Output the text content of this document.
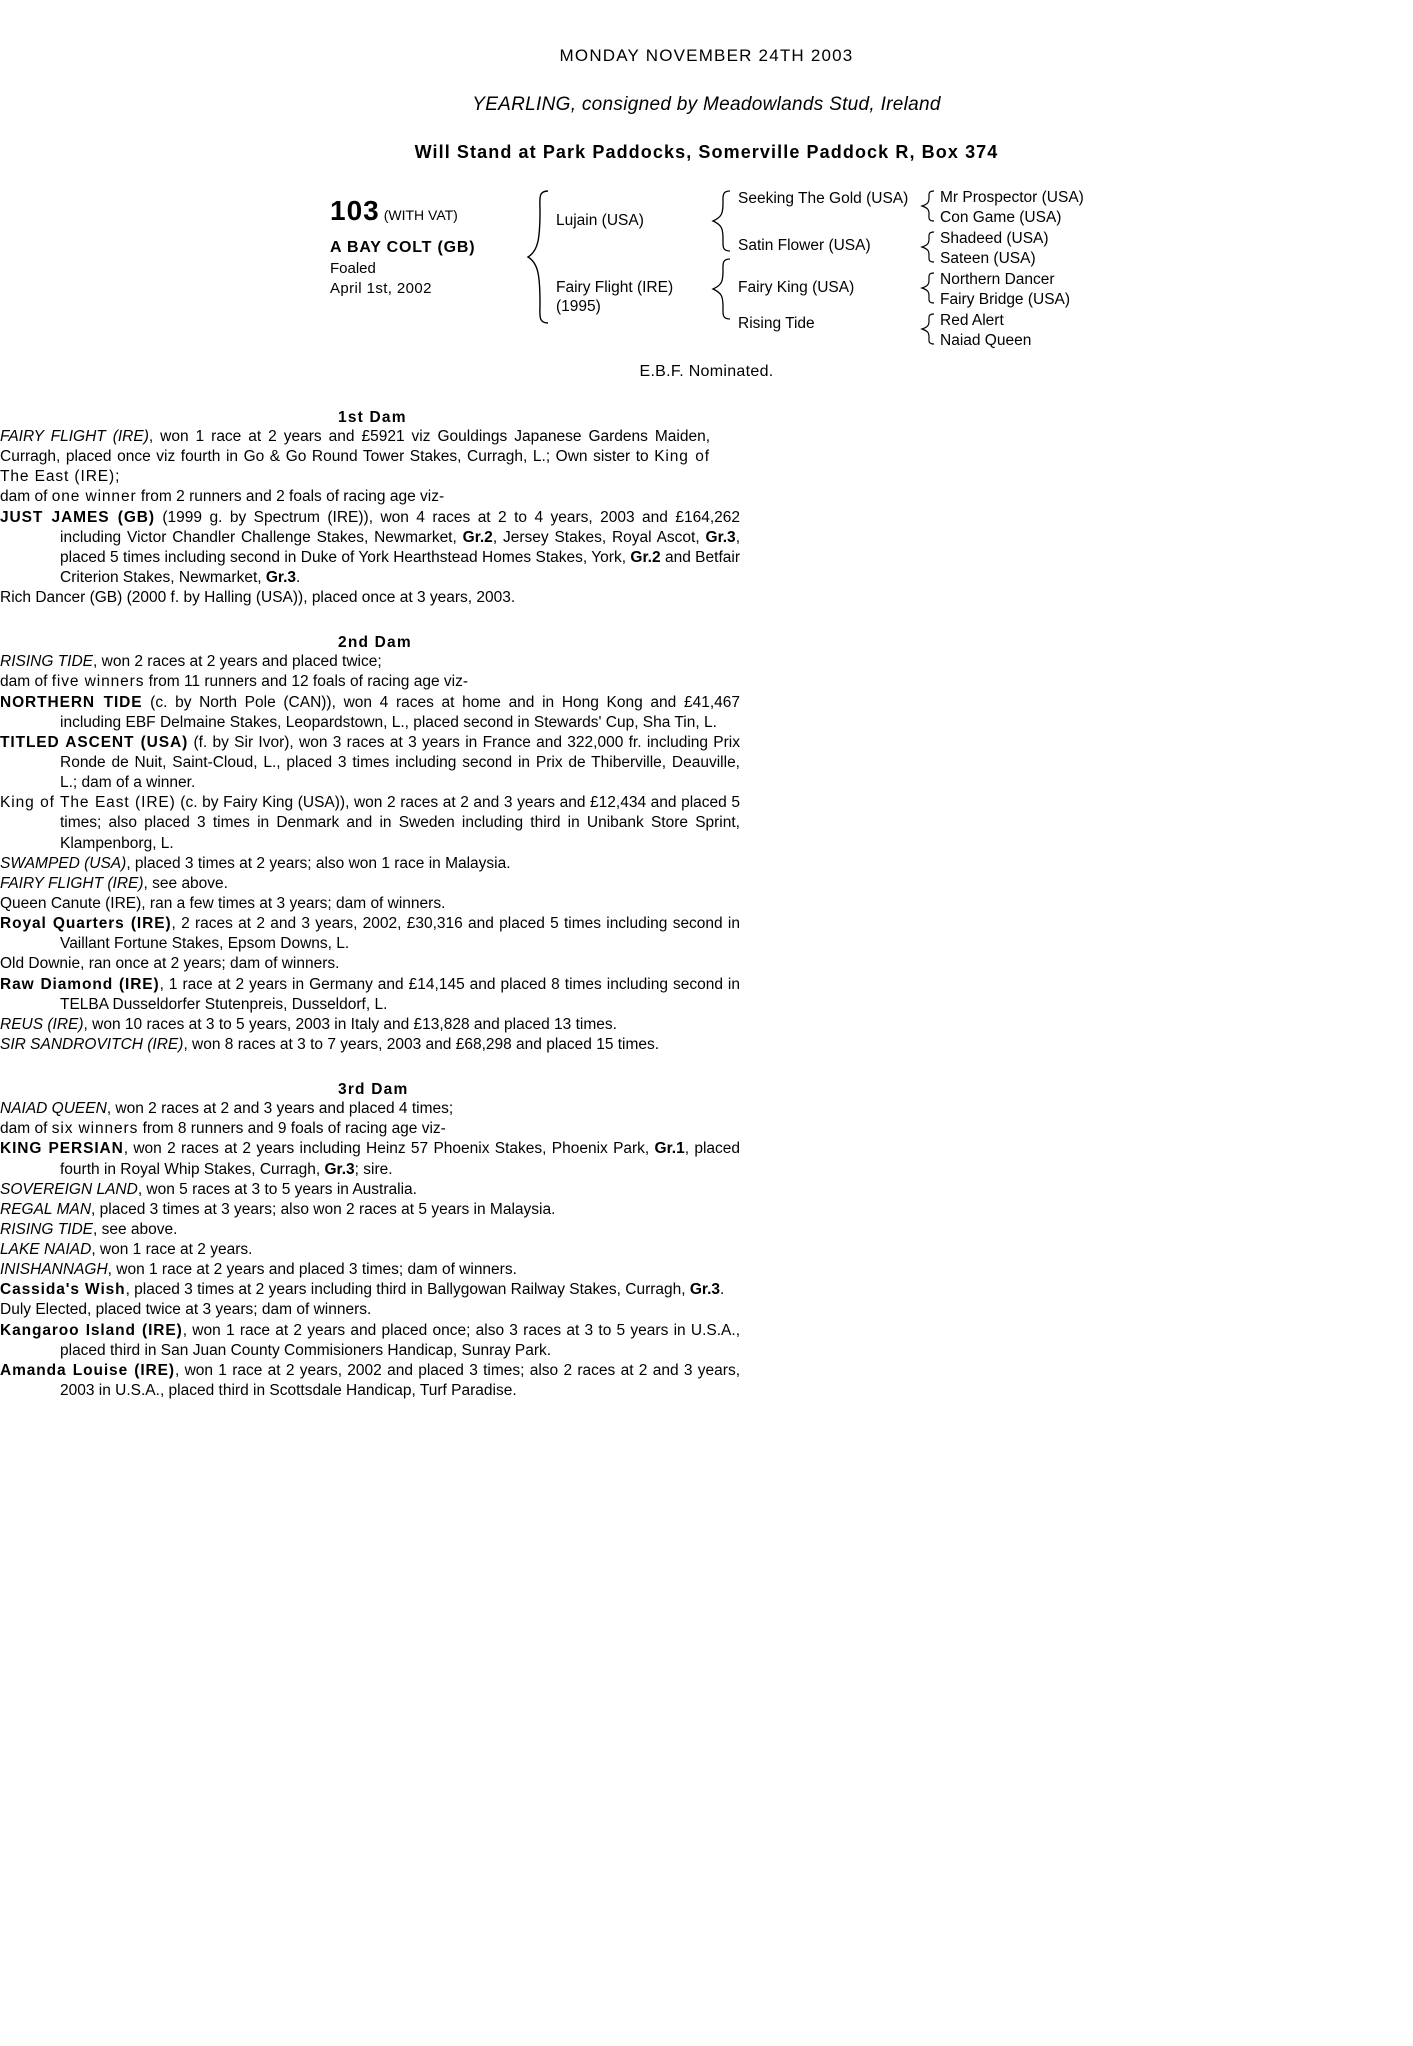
MONDAY NOVEMBER 24TH 2003
YEARLING, consigned by Meadowlands Stud, Ireland
Will Stand at Park Paddocks, Somerville Paddock R, Box 374
103 (WITH VAT)
A BAY COLT (GB)
Foaled
April 1st, 2002
Lujain (USA)
Fairy Flight (IRE)
(1995)
Seeking The Gold (USA)
Satin Flower (USA)
Fairy King (USA)
Rising Tide
Mr Prospector (USA)
Con Game (USA)
Shadeed (USA)
Sateen (USA)
Northern Dancer
Fairy Bridge (USA)
Red Alert
Naiad Queen
E.B.F. Nominated.
1st Dam

FAIRY FLIGHT (IRE), won 1 race at 2 years and £5921 viz Gouldings Japanese Gardens Maiden, Curragh, placed once viz fourth in Go & Go Round Tower Stakes, Curragh, L.; Own sister to King of The East (IRE);

dam of one winner from 2 runners and 2 foals of racing age viz-

JUST JAMES (GB) (1999 g. by Spectrum (IRE)), won 4 races at 2 to 4 years, 2003 and £164,262 including Victor Chandler Challenge Stakes, Newmarket, Gr.2, Jersey Stakes, Royal Ascot, Gr.3, placed 5 times including second in Duke of York Hearthstead Homes Stakes, York, Gr.2 and Betfair Criterion Stakes, Newmarket, Gr.3.

Rich Dancer (GB) (2000 f. by Halling (USA)), placed once at 3 years, 2003.

2nd Dam

RISING TIDE, won 2 races at 2 years and placed twice;

dam of five winners from 11 runners and 12 foals of racing age viz-

NORTHERN TIDE (c. by North Pole (CAN)), won 4 races at home and in Hong Kong and £41,467 including EBF Delmaine Stakes, Leopardstown, L., placed second in Stewards' Cup, Sha Tin, L.

TITLED ASCENT (USA) (f. by Sir Ivor), won 3 races at 3 years in France and 322,000 fr. including Prix Ronde de Nuit, Saint-Cloud, L., placed 3 times including second in Prix de Thiberville, Deauville, L.; dam of a winner.

King of The East (IRE) (c. by Fairy King (USA)), won 2 races at 2 and 3 years and £12,434 and placed 5 times; also placed 3 times in Denmark and in Sweden including third in Unibank Store Sprint, Klampenborg, L.

SWAMPED (USA), placed 3 times at 2 years; also won 1 race in Malaysia.

FAIRY FLIGHT (IRE), see above.

Queen Canute (IRE), ran a few times at 3 years; dam of winners.

Royal Quarters (IRE), 2 races at 2 and 3 years, 2002, £30,316 and placed 5 times including second in Vaillant Fortune Stakes, Epsom Downs, L.

Old Downie, ran once at 2 years; dam of winners.

Raw Diamond (IRE), 1 race at 2 years in Germany and £14,145 and placed 8 times including second in TELBA Dusseldorfer Stutenpreis, Dusseldorf, L.

REUS (IRE), won 10 races at 3 to 5 years, 2003 in Italy and £13,828 and placed 13 times.

SIR SANDROVITCH (IRE), won 8 races at 3 to 7 years, 2003 and £68,298 and placed 15 times.

3rd Dam

NAIAD QUEEN, won 2 races at 2 and 3 years and placed 4 times;

dam of six winners from 8 runners and 9 foals of racing age viz-

KING PERSIAN, won 2 races at 2 years including Heinz 57 Phoenix Stakes, Phoenix Park, Gr.1, placed fourth in Royal Whip Stakes, Curragh, Gr.3; sire.

SOVEREIGN LAND, won 5 races at 3 to 5 years in Australia.

REGAL MAN, placed 3 times at 3 years; also won 2 races at 5 years in Malaysia.

RISING TIDE, see above.

LAKE NAIAD, won 1 race at 2 years.

INISHANNAGH, won 1 race at 2 years and placed 3 times; dam of winners.

Cassida's Wish, placed 3 times at 2 years including third in Ballygowan Railway Stakes, Curragh, Gr.3.

Duly Elected, placed twice at 3 years; dam of winners.

Kangaroo Island (IRE), won 1 race at 2 years and placed once; also 3 races at 3 to 5 years in U.S.A., placed third in San Juan County Commisioners Handicap, Sunray Park.

Amanda Louise (IRE), won 1 race at 2 years, 2002 and placed 3 times; also 2 races at 2 and 3 years, 2003 in U.S.A., placed third in Scottsdale Handicap, Turf Paradise.
